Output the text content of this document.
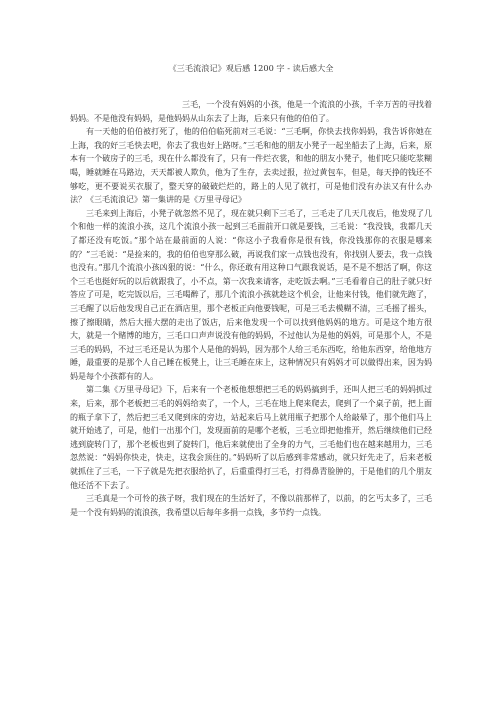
《三毛流浪记》观后感 1200 字 - 读后感大全

三毛，一个没有妈妈的小孩，他是一个流浪的小孩，千辛万苦的寻找着妈妈。不是他没有妈妈，是他妈妈从山东去了上海，后来只有他的伯伯了。

有一天他的伯伯被打死了，他的伯伯临死前对三毛说：“三毛啊，你快去找你妈妈，我告诉你她在上海，我的好三毛快去吧，你去了我也好上路呀。”三毛和他的朋友小凳子一起坐船去了上海，后来，原本有一个破房子的三毛，现在什么都没有了，只有一件烂衣裳，和他的朋友小凳子，他们吃只能吃浆糊喝，睡就睡在马路边，天天都被人欺负，他为了生存，去卖过报，拉过黄包车，但是，每天挣的钱还不够吃，更不要说买衣服了，整天穿的破破烂烂的，路上的人见了就打，可是他们没有办法又有什么办法？《三毛流浪记》第一集讲的是《万里寻母记》

三毛来到上海后，小凳子就忽然不见了，现在就只剩下三毛了，三毛走了几天几夜后，他发现了几个和他一样的流浪小孩，这几个流浪小孩一起到三毛面前开口就是要钱，三毛说：“我没钱，我都几天了都还没有吃饭。”那个站在最前面的人说：“你这小子我看你是很有钱，你没钱那你的衣服是哪来的？”三毛说：“是捡来的，我的伯伯也穿那么破，再说我们家一点钱也没有，你找别人要去，我一点钱也没有。”那几个流浪小孩凶狠的说：“什么，你还敢有用这种口气跟我说话，是不是不想活了啊，你这个三毛也挺好玩的以后就跟我了，小不点，第一次我来请客，走吃饭去啊。”三毛看着自己的肚子就只好答应了可是，吃完饭以后，三毛喝醉了，那几个流浪小孩就趁这个机会，让他来付钱，他们就先跑了，三毛醒了以后他发现自己正在酒店里，那个老板正向他要钱呢，可是三毛去模糊不清，三毛摇了摇头，擦了擦眼睛，然后大摇大摆的走出了饭店，后来他发现一个可以找到他妈妈的地方。可是这个地方很大，就是一个赌博的地方，三毛口口声声说没有他的妈妈，不过他认为是他的妈妈，可是那个人，不是三毛的妈妈，不过三毛还是认为那个人是他的妈妈，因为那个人给三毛东西吃，给他东西穿，给他地方睡，最重要的是那个人自己睡在板凳上，让三毛睡在床上，这种情况只有妈妈才可以做得出来，因为妈妈是每个小孩都有的人。

第二集《万里寻母记》下，后来有一个老板他想想把三毛的妈妈搞到手，还叫人把三毛的妈妈抓过来，后来，那个老板把三毛的妈妈给卖了，一个人，三毛在地上爬来爬去，爬到了一个桌子前，把上面的瓶子拿下了，然后把三毛又爬到床的旁边，站起来后马上就用瓶子把那个人给敲晕了，那个他们马上就开始逃了，可是，他们一出那个门，发现面前的是哪个老板，三毛立即把他推开，然后继续他们已经逃到旋转门了，那个老板也到了旋转门，他后来就使出了全身的力气，三毛他们也在越来越用力，三毛忽然说：“妈妈你快走，快走，这我会顶住的。”妈妈听了以后感到非常感动，就只好先走了，后来老板就抓住了三毛，一下子就是先把衣服给扒了，后重重得打三毛，打得鼻青脸肿的，于是他们的几个朋友他还活不下去了。

三毛真是一个可怜的孩子呀，我们现在的生活好了，不像以前那样了，以前，的乞丐太多了，三毛是一个没有妈妈的流浪孩，我希望以后每年多捐一点钱，多节约一点钱。
